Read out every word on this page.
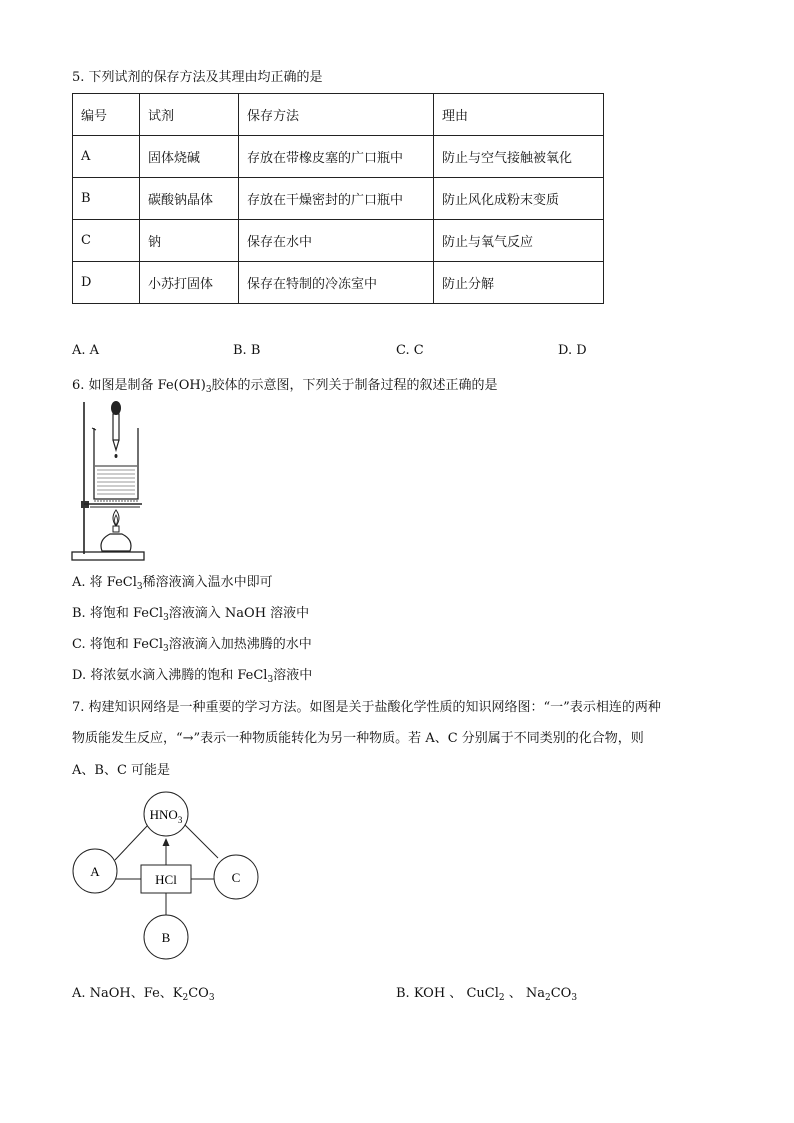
5. 下列试剂的保存方法及其理由均正确的是
编号	试剂	保存方法	理由
A	固体烧碱	存放在带橡皮塞的广口瓶中	防止与空气接触被氧化
B	碳酸钠晶体	存放在干燥密封的广口瓶中	防止风化成粉末变质
C	钠	保存在水中	防止与氧气反应
D	小苏打固体	保存在特制的冷冻室中	防止分解
A. A	B. B	C. C	D. D
6. 如图是制备 $Fe(OH)_3$胶体的示意图，下列关于制备过程的叙述正确的是
A. 将 FeCl$_3$稀溶液滴入温水中即可
B. 将饱和 FeCl$_3$溶液滴入 NaOH 溶液中
C. 将饱和 FeCl$_3$溶液滴入加热沸腾的水中
D. 将浓氨水滴入沸腾的饱和 FeCl$_3$溶液中
7. 构建知识网络是一种重要的学习方法。如图是关于盐酸化学性质的知识网络图：“一”表示相连的两种
物质能发生反应，“→”表示一种物质能转化为另一种物质。若 A、C 分别属于不同类别的化合物，则
A、B、C 可能是
$HNO_3$
HCl
A	C
B
A. NaOH、Fe、$K_2CO_3$	B. KOH 、 CuCl$_2$ 、 $Na_2CO_3$
